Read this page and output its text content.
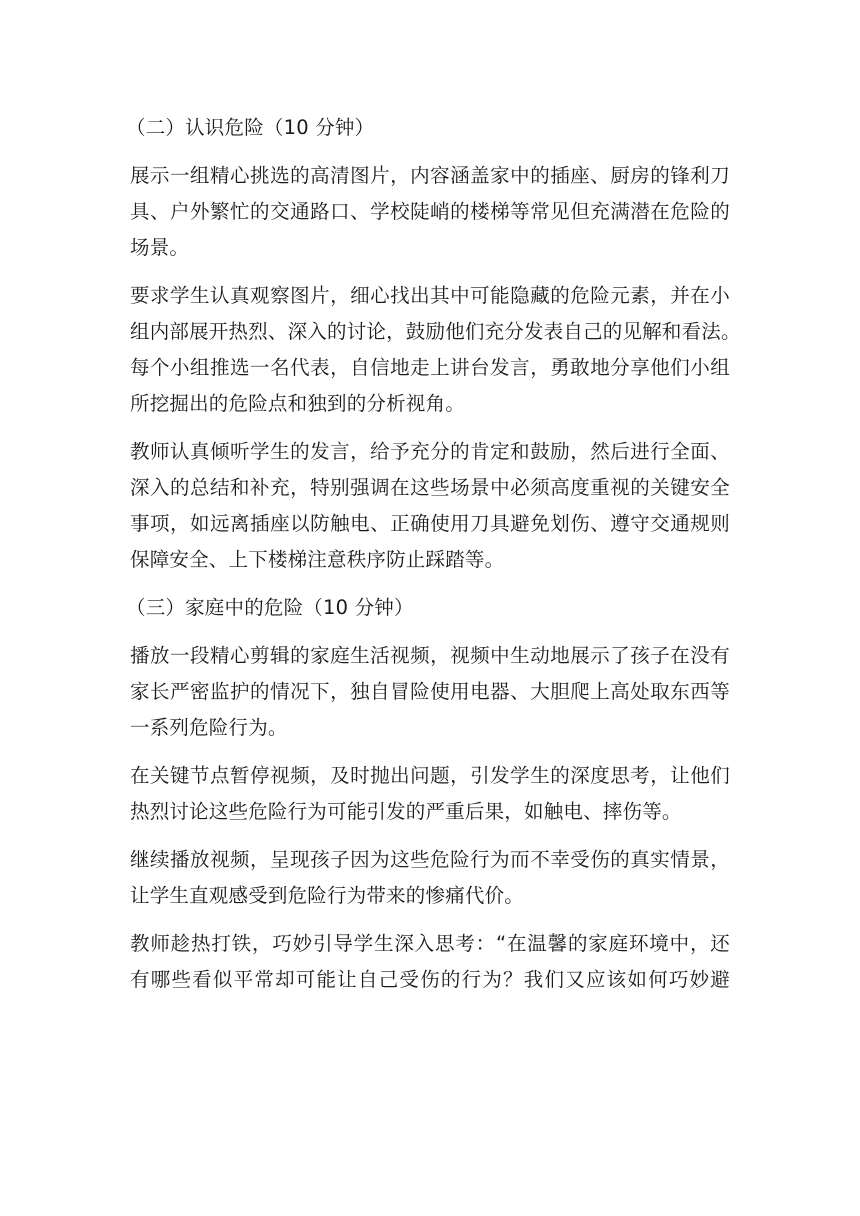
（二）认识危险（10 分钟）
展示一组精心挑选的高清图片，内容涵盖家中的插座、厨房的锋利刀
具、户外繁忙的交通路口、学校陡峭的楼梯等常见但充满潜在危险的
场景。
要求学生认真观察图片，细心找出其中可能隐藏的危险元素，并在小
组内部展开热烈、深入的讨论，鼓励他们充分发表自己的见解和看法。
每个小组推选一名代表，自信地走上讲台发言，勇敢地分享他们小组
所挖掘出的危险点和独到的分析视角。
教师认真倾听学生的发言，给予充分的肯定和鼓励，然后进行全面、
深入的总结和补充，特别强调在这些场景中必须高度重视的关键安全
事项，如远离插座以防触电、正确使用刀具避免划伤、遵守交通规则
保障安全、上下楼梯注意秩序防止踩踏等。
（三）家庭中的危险（10 分钟）
播放一段精心剪辑的家庭生活视频，视频中生动地展示了孩子在没有
家长严密监护的情况下，独自冒险使用电器、大胆爬上高处取东西等
一系列危险行为。
在关键节点暂停视频，及时抛出问题，引发学生的深度思考，让他们
热烈讨论这些危险行为可能引发的严重后果，如触电、摔伤等。
继续播放视频，呈现孩子因为这些危险行为而不幸受伤的真实情景，
让学生直观感受到危险行为带来的惨痛代价。
教师趁热打铁，巧妙引导学生深入思考：“在温馨的家庭环境中，还
有哪些看似平常却可能让自己受伤的行为？我们又应该如何巧妙避
